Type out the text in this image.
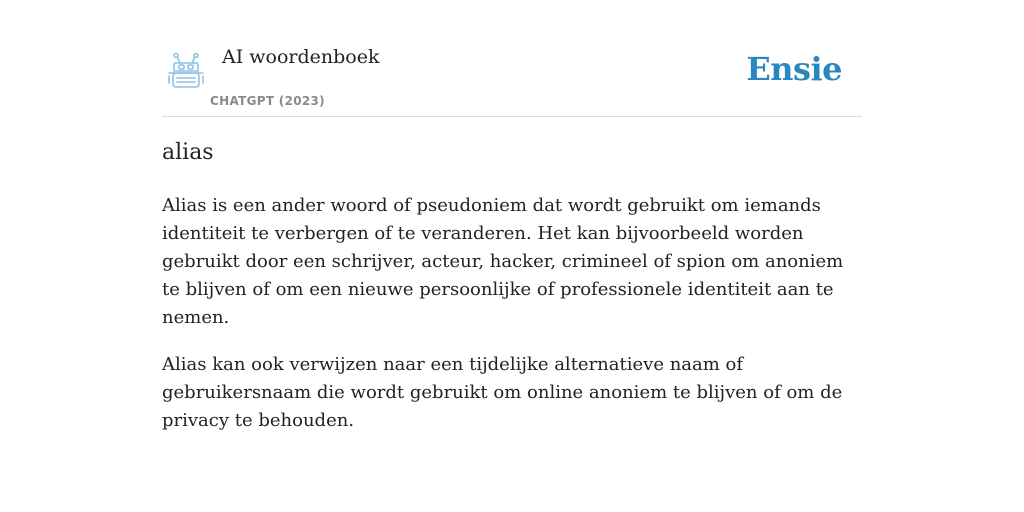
AI woordenboek
CHATGPT (2023)
Ensie
alias

Alias is een ander woord of pseudoniem dat wordt gebruikt om iemands identiteit te verbergen of te veranderen. Het kan bijvoorbeeld worden gebruikt door een schrijver, acteur, hacker, crimineel of spion om anoniem te blijven of om een nieuwe persoonlijke of professionele identiteit aan te nemen.

Alias kan ook verwijzen naar een tijdelijke alternatieve naam of gebruikersnaam die wordt gebruikt om online anoniem te blijven of om de privacy te behouden.
